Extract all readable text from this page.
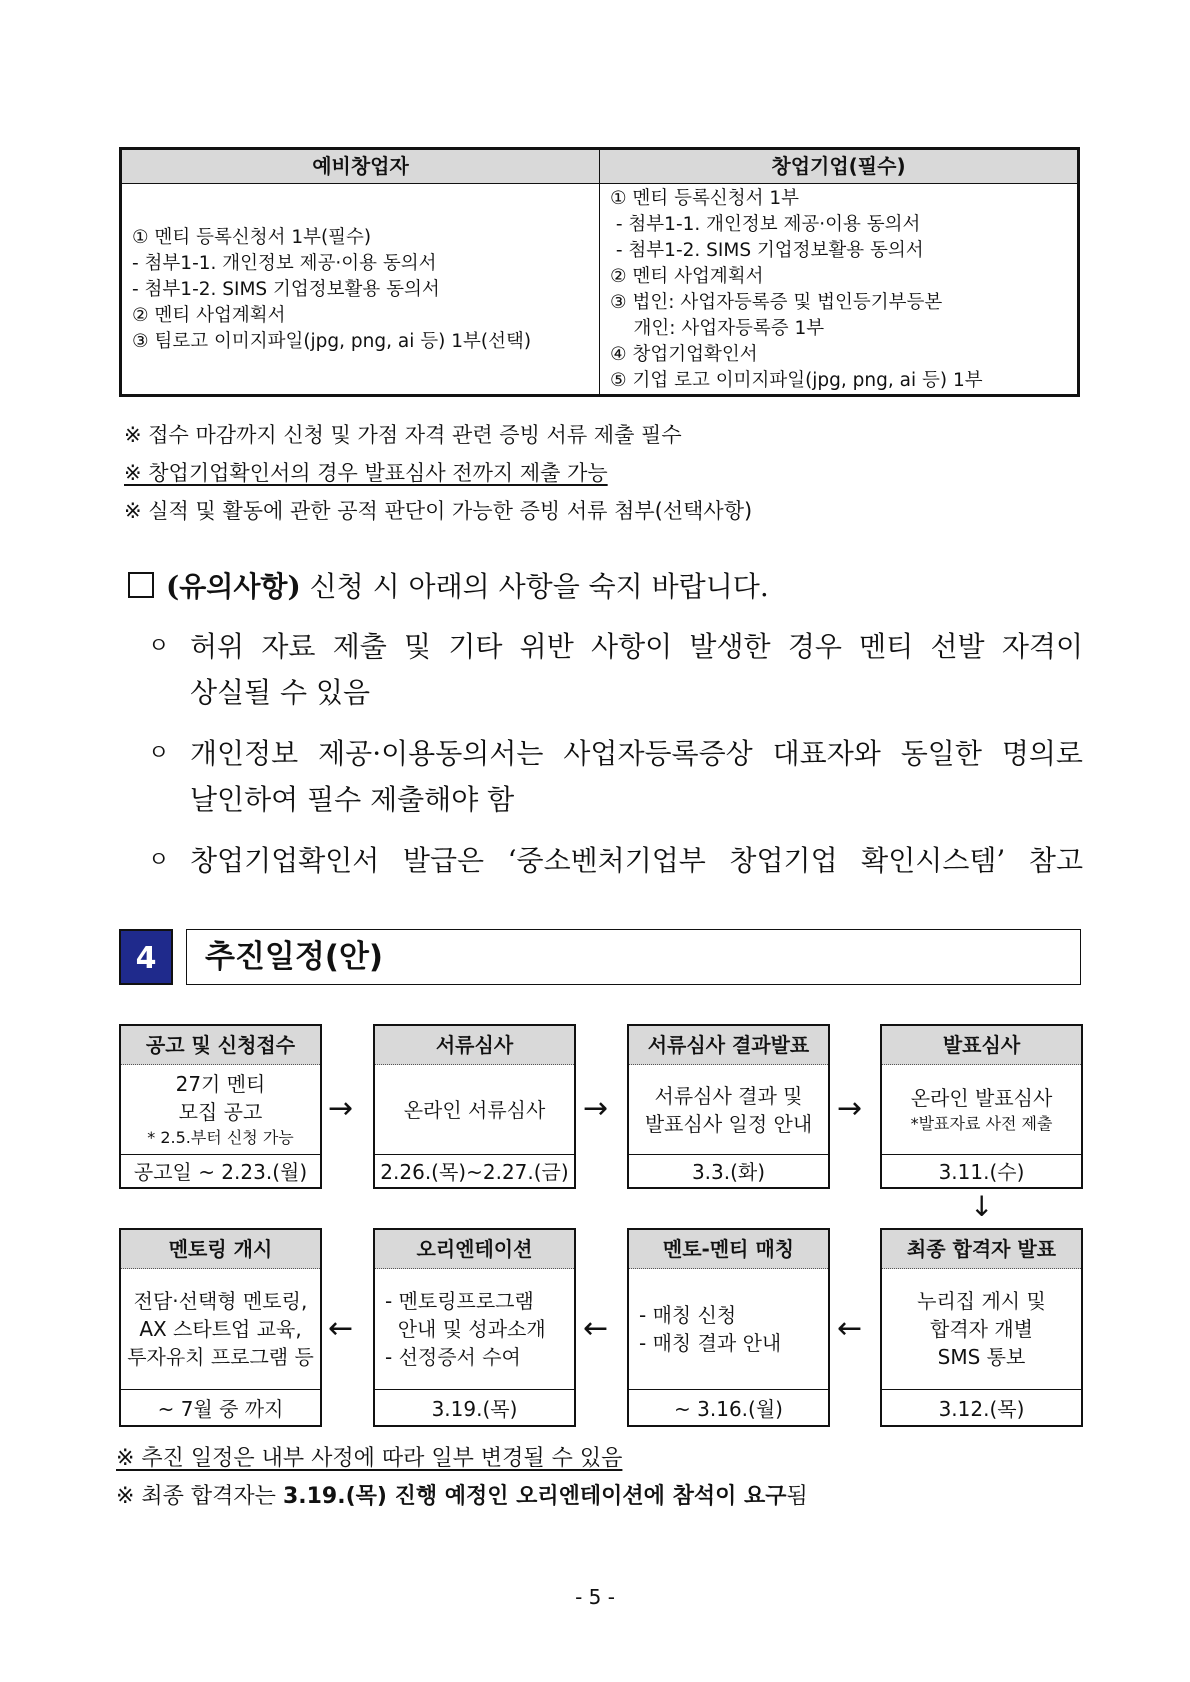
예비창업자	창업기업(필수)
① 멘티 등록신청서 1부(필수)
- 첨부1-1. 개인정보 제공·이용 동의서
- 첨부1-2. SIMS 기업정보활용 동의서
② 멘티 사업계획서
③ 팀로고 이미지파일(jpg, png, ai 등) 1부(선택)
① 멘티 등록신청서 1부
- 첨부1-1. 개인정보 제공·이용 동의서
- 첨부1-2. SIMS 기업정보활용 동의서
② 멘티 사업계획서
③ 법인: 사업자등록증 및 법인등기부등본
개인: 사업자등록증 1부
④ 창업기업확인서
⑤ 기업 로고 이미지파일(jpg, png, ai 등) 1부
※ 접수 마감까지 신청 및 가점 자격 관련 증빙 서류 제출 필수
※ 창업기업확인서의 경우 발표심사 전까지 제출 가능
※ 실적 및 활동에 관한 공적 판단이 가능한 증빙 서류 첨부(선택사항)
(유의사항) 신청 시 아래의 사항을 숙지 바랍니다.
ㅇ 허위 자료 제출 및 기타 위반 사항이 발생한 경우 멘티 선발 자격이
상실될 수 있음
ㅇ 개인정보 제공·이용동의서는 사업자등록증상 대표자와 동일한 명의로
날인하여 필수 제출해야 함
ㅇ 창업기업확인서 발급은 ‘중소벤처기업부 창업기업 확인시스템’ 참고
4	추진일정(안)
공고 및 신청접수
27기 멘티
모집 공고
* 2.5.부터 신청 가능
공고일 ~ 2.23.(월)
→
서류심사
온라인 서류심사
2.26.(목)~2.27.(금)
→
서류심사 결과발표
서류심사 결과 및
발표심사 일정 안내
3.3.(화)
→
발표심사
온라인 발표심사
*발표자료 사전 제출
3.11.(수)
↓
멘토링 개시
전담·선택형 멘토링,
AX 스타트업 교육,
투자유치 프로그램 등
~ 7월 중 까지
←
오리엔테이션
- 멘토링프로그램
안내 및 성과소개
- 선정증서 수여
3.19.(목)
←
멘토-멘티 매칭
- 매칭 신청
- 매칭 결과 안내
~ 3.16.(월)
←
최종 합격자 발표
누리집 게시 및
합격자 개별
SMS 통보
3.12.(목)
※ 추진 일정은 내부 사정에 따라 일부 변경될 수 있음
※ 최종 합격자는 3.19.(목) 진행 예정인 오리엔테이션에 참석이 요구됨
- 5 -
